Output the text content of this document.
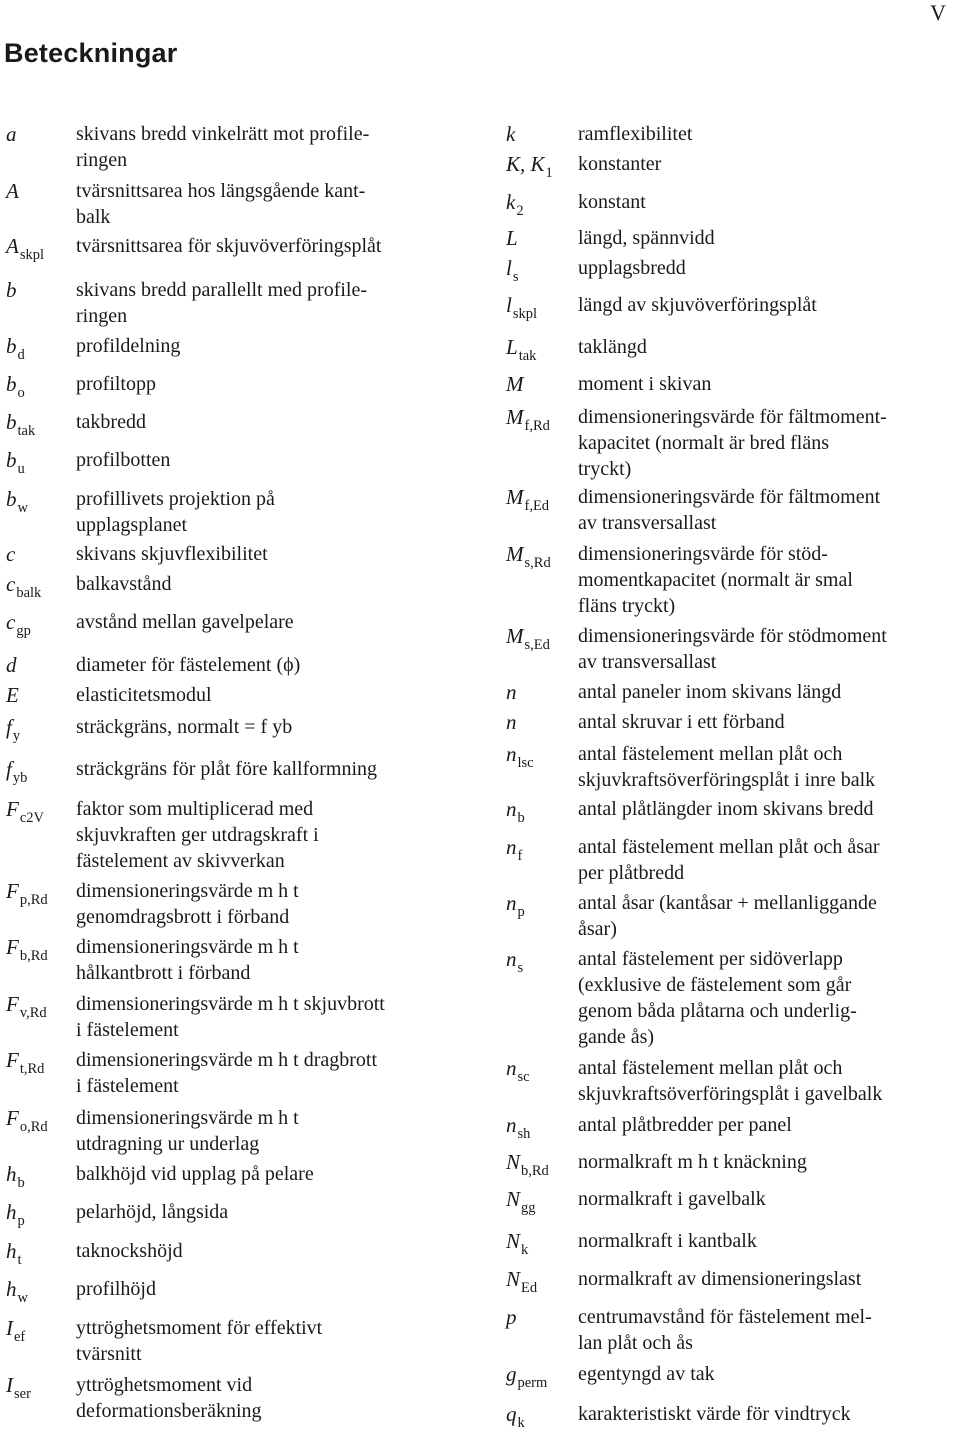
V
Beteckningar
a	skivans bredd vinkelrätt mot profile-
ringen
A	tvärsnittsarea hos längsgående kant-
balk
$A_{skpl}$ tvärsnittsarea för skjuvöverföringsplåt
b	skivans bredd parallellt med profile-
ringen
$b_d$	profildelning
$b_o$	profiltopp
$b_{tak}$ takbredd
$b_u$	profilbotten
$b_w$ profillivets projektion på
upplagsplanet
c	skivans skjuvflexibilitet
$c_{balk}$ balkavstånd
$c_{gp}$ avstånd mellan gavelpelare
d	diameter för fästelement (ϕ)
E	elasticitetsmodul
$f_y$	sträckgräns, normalt = f yb
$f_{yb}$ sträckgräns för plåt före kallformning
$F_{c2V}$ faktor som multiplicerad med
skjuvkraften ger utdragskraft i
fästelement av skivverkan
$F_{p,Rd}$ dimensioneringsvärde m h t
genomdragsbrott i förband
$F_{b,Rd}$ dimensioneringsvärde m h t
hålkantbrott i förband
$F_{v,Rd}$ dimensioneringsvärde m h t skjuvbrott
i fästelement
$F_{t,Rd}$ dimensioneringsvärde m h t dragbrott
i fästelement
$F_{o,Rd}$ dimensioneringsvärde m h t
utdragning ur underlag
$h_b$	balkhöjd vid upplag på pelare
$h_p$	pelarhöjd, långsida
$h_t$	taknockshöjd
$h_w$ profilhöjd
$I_{ef}$	yttröghetsmoment för effektivt
tvärsnitt
$I_{ser}$ yttröghetsmoment vid
deformationsberäkning
k	ramflexibilitet
K, $K_1$ konstanter
$k_2$	konstant
L	längd, spännvidd
$l_s$	upplagsbredd
$l_{skpl}$ längd av skjuvöverföringsplåt
$L_{tak}$ taklängd
M	moment i skivan
$M_{f,Rd}$ dimensioneringsvärde för fältmoment-
kapacitet (normalt är bred fläns
tryckt)
$M_{f,Ed}$ dimensioneringsvärde för fältmoment
av transversallast
$M_{s,Rd}$ dimensioneringsvärde för stöd-
momentkapacitet (normalt är smal
fläns tryckt)
$M_{s,Ed}$ dimensioneringsvärde för stödmoment
av transversallast
n	antal paneler inom skivans längd
n	antal skruvar i ett förband
$n_{lsc}$ antal fästelement mellan plåt och
skjuvkraftsöverföringsplåt i inre balk
$n_b$	antal plåtlängder inom skivans bredd
$n_f$	antal fästelement mellan plåt och åsar
per plåtbredd
$n_p$	antal åsar (kantåsar + mellanliggande
åsar)
$n_s$	antal fästelement per sidöverlapp
(exklusive de fästelement som går
genom båda plåtarna och underlig-
gande ås)
$n_{sc}$ antal fästelement mellan plåt och
skjuvkraftsöverföringsplåt i gavelbalk
$n_{sh}$ antal plåtbredder per panel
$N_{b,Rd}$ normalkraft m h t knäckning
$N_{gg}$ normalkraft i gavelbalk
$N_k$ normalkraft i kantbalk
$N_{Ed}$ normalkraft av dimensioneringslast
p	centrumavstånd för fästelement mel-
lan plåt och ås
$g_{perm}$ egentyngd av tak
$q_k$	karakteristiskt värde för vindtryck
